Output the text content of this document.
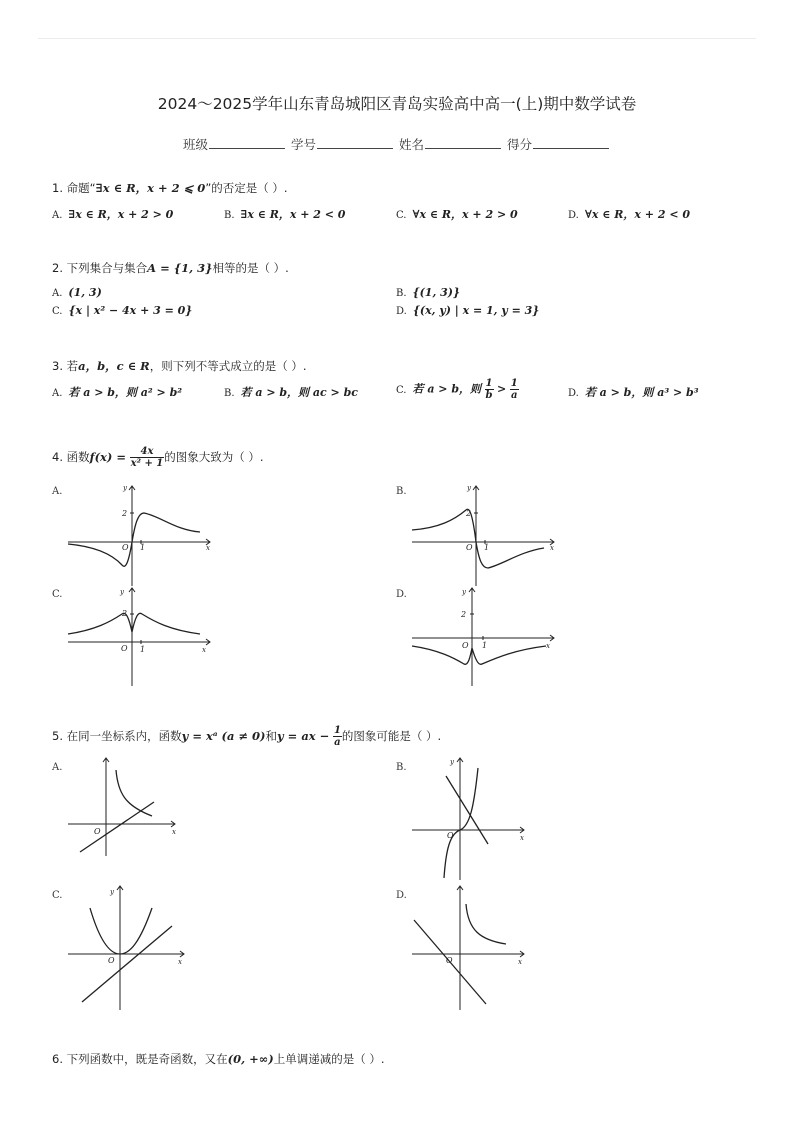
2024～2025学年山东青岛城阳区青岛实验高中高一(上)期中数学试卷
班级	学号	姓名	得分
1. 命题“∃x ∈ R，x + 2 ⩽ 0”的否定是（ ）.
A. ∃x ∈ R，x + 2 > 0	B. ∃x ∈ R，x + 2 < 0	C. ∀x ∈ R，x + 2 > 0	D. ∀x ∈ R，x + 2 < 0
2. 下列集合与集合A = {1, 3}相等的是（ ）.
A. (1, 3)	B. {(1, 3)}
C. {x | x² − 4x + 3 = 0}	D. {(x, y) | x = 1, y = 3}
3. 若a，b，c ∈ R，则下列不等式成立的是（ ）.
A. 若 a > b，则 a² > b²	B. 若 a > b，则 ac > bc	C. 若 a > b，则 $\frac{1}{b} > \frac{1}{a}$	D. 若 a > b，则 a³ > b³
4. 函数$f(x) = \frac{4x}{\text{x² + 1}}$ 的图象大致为（ ）.
A.	B.
C.	D.
y
x
O 1
2
y
x
O 1
2
y
x
O 1
2
y
x
O 1
2
5. 在同一坐标系内，函数y = xᵃ (a ≠ 0)和y = ax − $\frac{1}{a}$ 的图象可能是（ ）.
A.	B.
C.	D.
x
O
y
x
O
y
x
O	x
O
6. 下列函数中，既是奇函数，又在(0, +∞)上单调递减的是（ ）.
